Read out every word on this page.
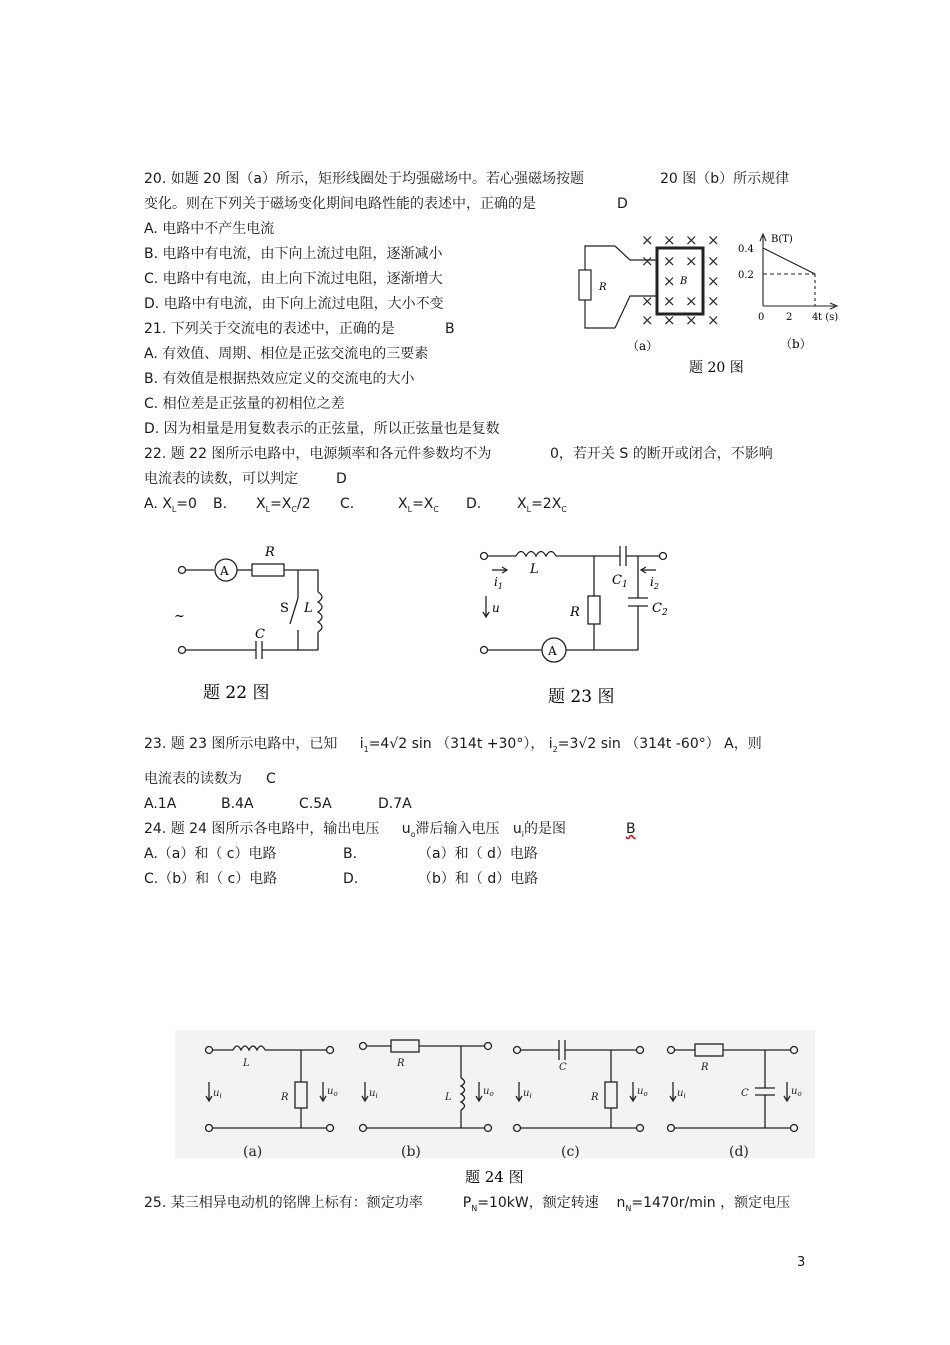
20. 如题 20 图（a）所示，矩形线圈处于均强磁场中。若心强磁场按题	20 图（b）所示规律
变化。则在下列关于磁场变化期间电路性能的表述中，正确的是	D
A. 电路中不产生电流
B. 电路中有电流，由下向上流过电阻，逐渐减小
C. 电路中有电流，由上向下流过电阻，逐渐增大
D. 电路中有电流，由下向上流过电阻，大小不变
R
B
× × × ×
× × × ×
× ×
× × × ×
× × × ×
（a）
B(T)
0.4
0.2
0 2 4 t (s)
（b）
题 20 图
21. 下列关于交流电的表述中，正确的是	B
A. 有效值、周期、相位是正弦交流电的三要素
B. 有效值是根据热效应定义的交流电的大小
C. 相位差是正弦量的初相位之差
D. 因为相量是用复数表示的正弦量，所以正弦量也是复数
22. 题 22 图所示电路中，电源频率和各元件参数均不为	0，若开关 S 的断开或闭合，不影响
电流表的读数，可以判定	D
A. $X_L=0$ B. $X_L=X_C/2$ C.	$X_L=X_C$ D.	$X_L=2X_C$
A
R
S L
C
~
题 22 图
L
$C_1$
$C_2$
R
$i_1$	$i_2$
u
A
题 23 图
23. 题 23 图所示电路中，已知 $i_1=4√2$ sin （314t +30°）， $i_2=3√2$ sin （314t -60°） A，则
电流表的读数为 C
A.1A	B.4A	C.5A	D.7A
24. 题 24 图所示各电路中，输出电压 $u_o$滞后输入电压 $u_i$的是图	B
A.（a）和（ c）电路	B.	（a）和（ d）电路
C.（b）和（ c）电路	D.	（b）和（ d）电路
L
R
$u_i$	$u_o$
R
L
$u_i$	$u_o$
C
R
$u_i$	$u_o$
R
C
$u_i$	$u_o$
(a)	(b)	(c)	(d)
题 24 图
25. 某三相异电动机的铭牌上标有：额定功率	$P_N=10kW$，额定转速 $n_N=1470r/\min$ ，额定电压
3
